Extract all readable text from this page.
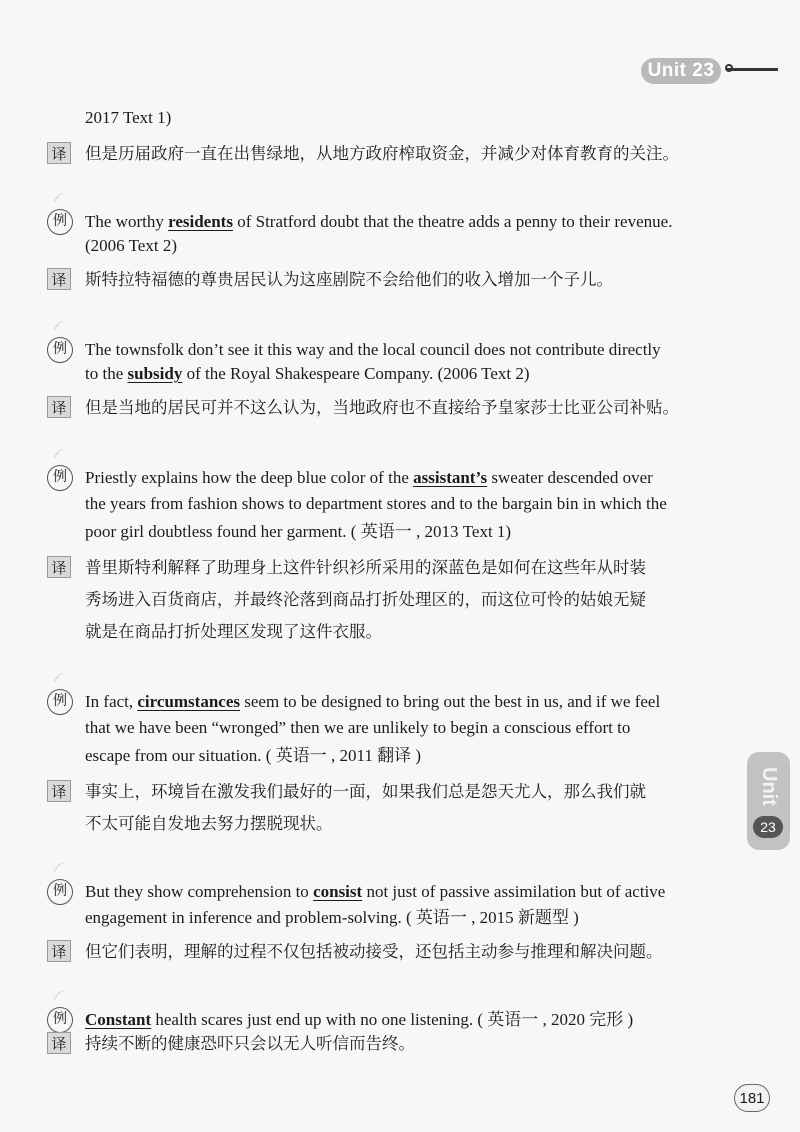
Unit 23
Unit
23
2017 Text 1)
译 但是历届政府一直在出售绿地，从地方政府榨取资金，并减少对体育教育的关注。
例	The worthy residents of Stratford doubt that the theatre adds a penny to their revenue.
(2006 Text 2)
译 斯特拉特福德的尊贵居民认为这座剧院不会给他们的收入增加一个子儿。
例	The townsfolk don’t see it this way and the local council does not contribute directly
to the subsidy of the Royal Shakespeare Company. (2006 Text 2)
译 但是当地的居民可并不这么认为，当地政府也不直接给予皇家莎士比亚公司补贴。
例	Priestly explains how the deep blue color of the assistant’s sweater descended over
the years from fashion shows to department stores and to the bargain bin in which the
poor girl doubtless found her garment. ( 英语一 , 2013 Text 1)
译 普里斯特利解释了助理身上这件针织衫所采用的深蓝色是如何在这些年从时装
秀场进入百货商店，并最终沦落到商品打折处理区的，而这位可怜的姑娘无疑
就是在商品打折处理区发现了这件衣服。
例	In fact, circumstances seem to be designed to bring out the best in us, and if we feel
that we have been “wronged” then we are unlikely to begin a conscious effort to
escape from our situation. ( 英语一 , 2011 翻译 )
译 事实上，环境旨在激发我们最好的一面，如果我们总是怨天尤人，那么我们就
不太可能自发地去努力摆脱现状。
例	But they show comprehension to consist not just of passive assimilation but of active
engagement in inference and problem-solving. ( 英语一 , 2015 新题型 )
译 但它们表明，理解的过程不仅包括被动接受，还包括主动参与推理和解决问题。
例	Constant health scares just end up with no one listening. ( 英语一 , 2020 完形 )
译 持续不断的健康恐吓只会以无人听信而告终。
181
